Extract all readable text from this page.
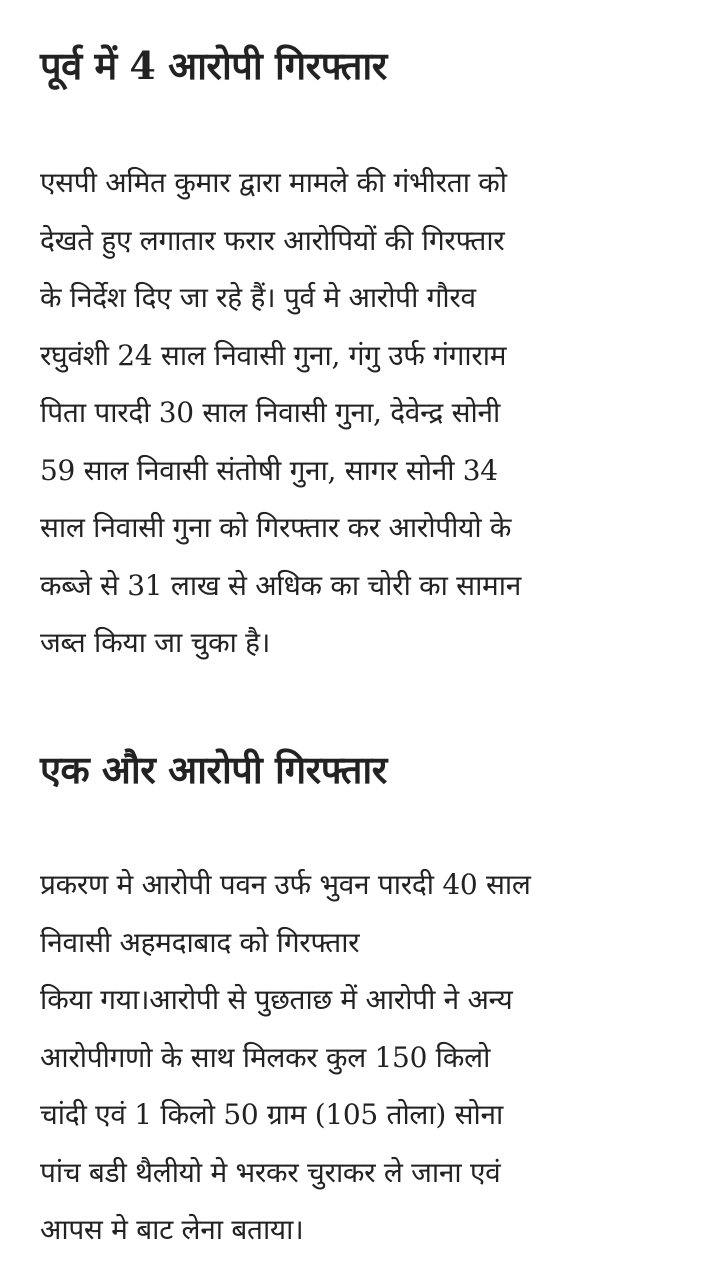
पूर्व में 4 आरोपी गिरफ्तार

एसपी अमित कुमार द्वारा मामले की गंभीरता को
देखते हुए लगातार फरार आरोपियों की गिरफ्तार
के निर्देश दिए जा रहे हैं। पुर्व मे आरोपी गौरव
रघुवंशी 24 साल निवासी गुना, गंगु उर्फ गंगाराम
पिता पारदी 30 साल निवासी गुना, देवेन्द्र सोनी
59 साल निवासी संतोषी गुना, सागर सोनी 34
साल निवासी गुना को गिरफ्तार कर आरोपीयो के
कब्जे से 31 लाख से अधिक का चोरी का सामान
जब्त किया जा चुका है।

एक और आरोपी गिरफ्तार

प्रकरण मे आरोपी पवन उर्फ भुवन पारदी 40 साल
निवासी अहमदाबाद को गिरफ्तार
किया गया।आरोपी से पुछताछ में आरोपी ने अन्य
आरोपीगणो के साथ मिलकर कुल 150 किलो
चांदी एवं 1 किलो 50 ग्राम (105 तोला) सोना
पांच बडी थैलीयो मे भरकर चुराकर ले जाना एवं
आपस मे बाट लेना बताया।
